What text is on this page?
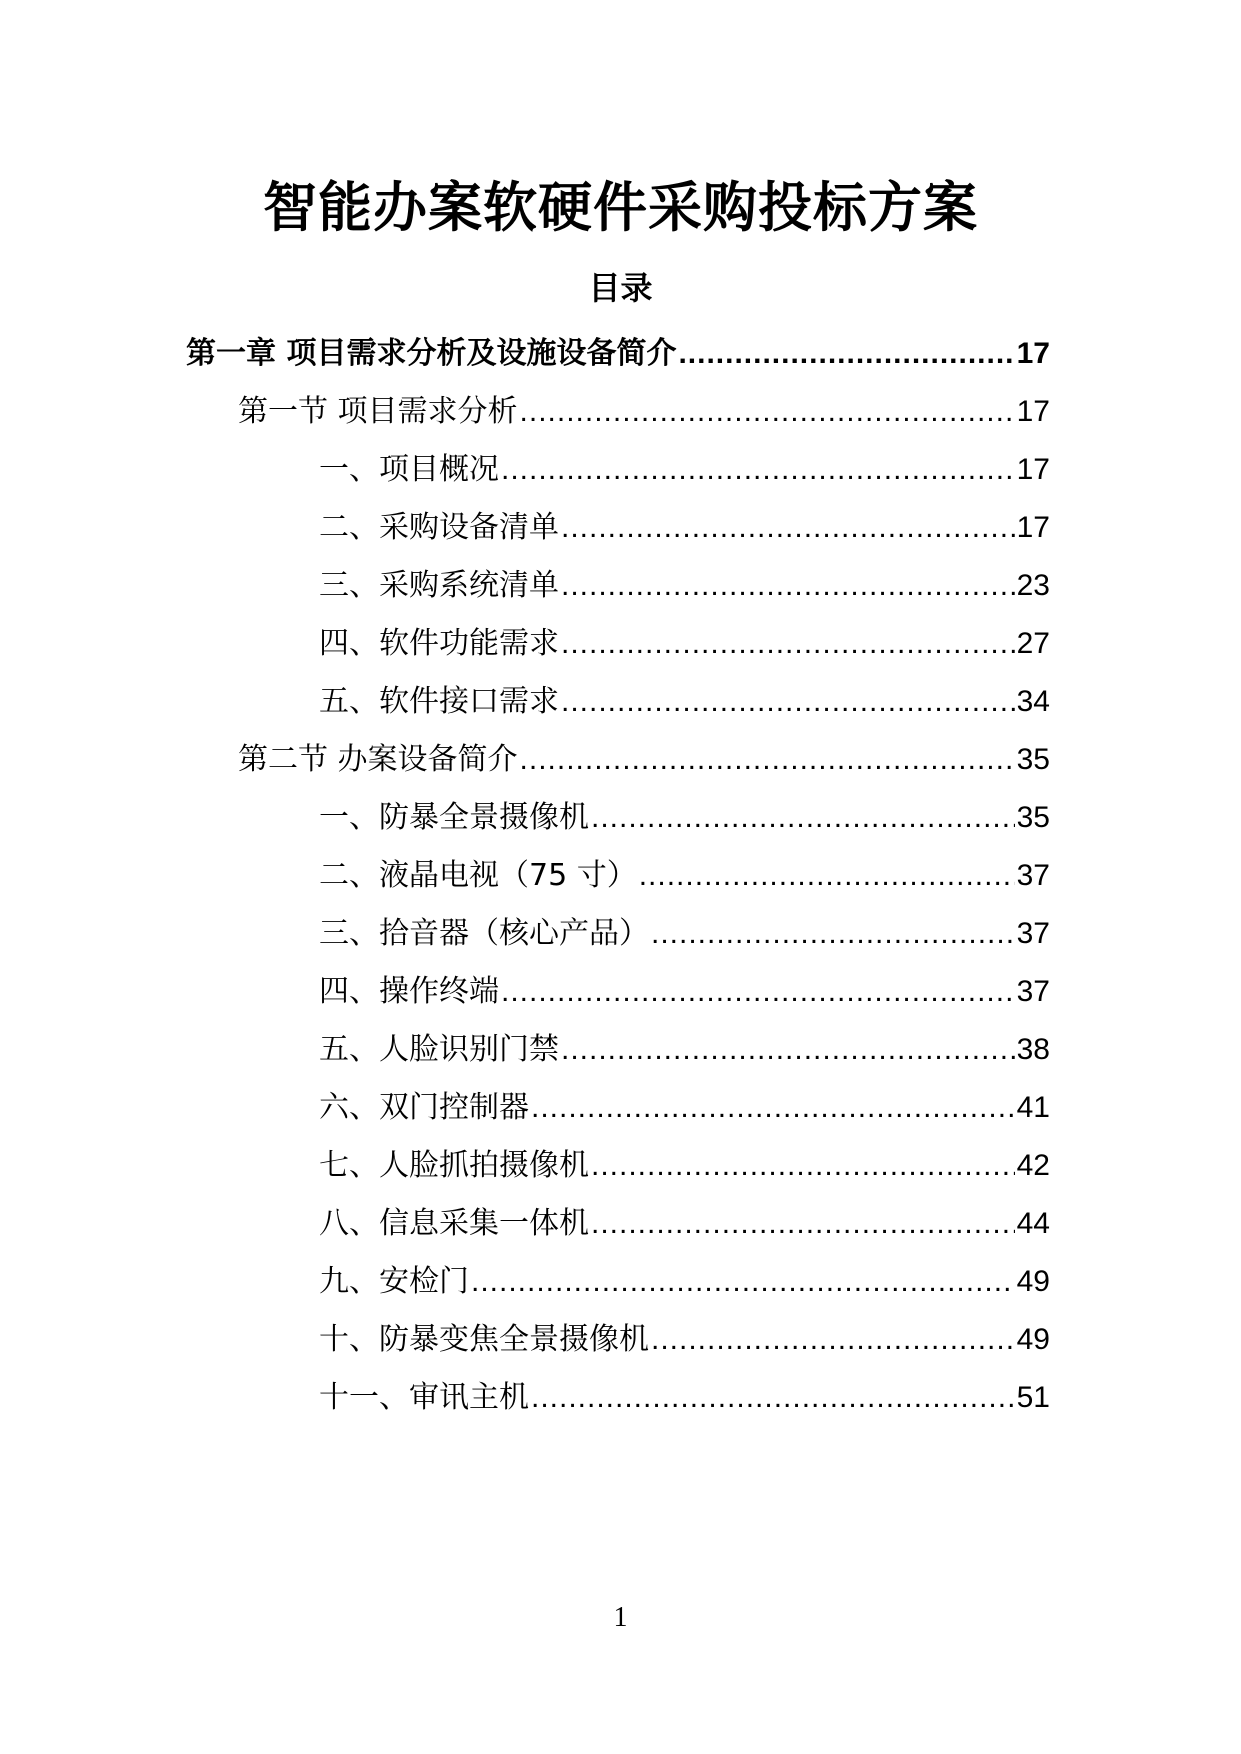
智能办案软硬件采购投标方案
目录
第一章 项目需求分析及设施设备简介 .....	17
第一节 项目需求分析 .....	17
一、项目概况 .....	17
二、采购设备清单 .....	17
三、采购系统清单 .....	23
四、软件功能需求 .....	27
五、软件接口需求 .....	34
第二节 办案设备简介 .....	35
一、防暴全景摄像机 .....	35
二、液晶电视（75 寸） .....	37
三、拾音器（核心产品） .....	37
四、操作终端 .....	37
五、人脸识别门禁 .....	38
六、双门控制器 .....	41
七、人脸抓拍摄像机 .....	42
八、信息采集一体机 .....	44
九、安检门 .....	49
十、防暴变焦全景摄像机 .....	49
十一、审讯主机 .....	51
1
